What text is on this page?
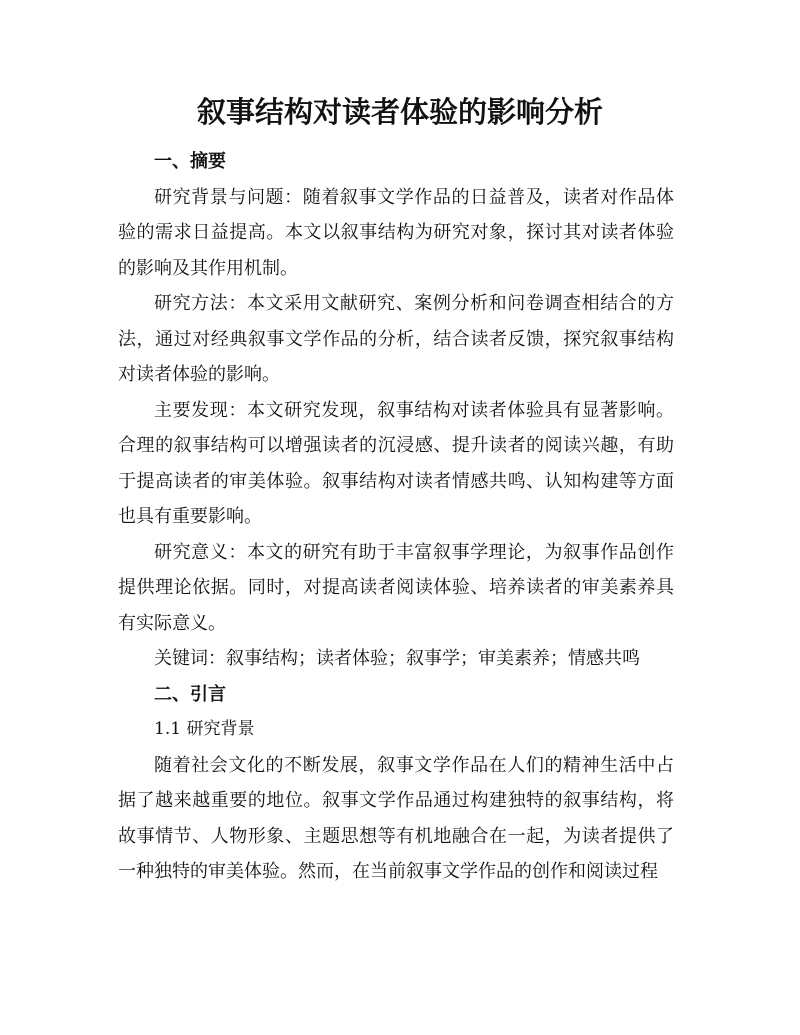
叙事结构对读者体验的影响分析
一、摘要

研究背景与问题：随着叙事文学作品的日益普及，读者对作品体验的需求日益提高。本文以叙事结构为研究对象，探讨其对读者体验的影响及其作用机制。

研究方法：本文采用文献研究、案例分析和问卷调查相结合的方法，通过对经典叙事文学作品的分析，结合读者反馈，探究叙事结构对读者体验的影响。

主要发现：本文研究发现，叙事结构对读者体验具有显著影响。合理的叙事结构可以增强读者的沉浸感、提升读者的阅读兴趣，有助于提高读者的审美体验。叙事结构对读者情感共鸣、认知构建等方面也具有重要影响。

研究意义：本文的研究有助于丰富叙事学理论，为叙事作品创作提供理论依据。同时，对提高读者阅读体验、培养读者的审美素养具有实际意义。

关键词：叙事结构；读者体验；叙事学；审美素养；情感共鸣

二、引言
1.1 研究背景

随着社会文化的不断发展，叙事文学作品在人们的精神生活中占据了越来越重要的地位。叙事文学作品通过构建独特的叙事结构，将故事情节、人物形象、主题思想等有机地融合在一起，为读者提供了一种独特的审美体验。然而，在当前叙事文学作品的创作和阅读过程
